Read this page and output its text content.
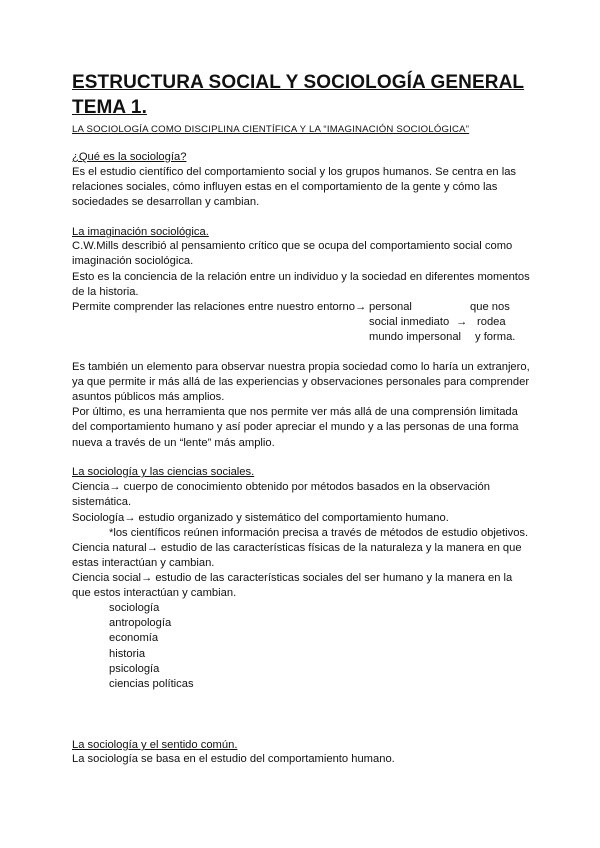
ESTRUCTURA SOCIAL Y SOCIOLOGÍA GENERAL
TEMA 1.
LA SOCIOLOGÍA COMO DISCIPLINA CIENTÍFICA Y LA “IMAGINACIÓN SOCIOLÓGICA”
¿Qué es la sociología?
Es el estudio científico del comportamiento social y los grupos humanos. Se centra en las
relaciones sociales, cómo influyen estas en el comportamiento de la gente y cómo las
sociedades se desarrollan y cambian.
La imaginación sociológica.
C.W.Mills describió al pensamiento crítico que se ocupa del comportamiento social como
imaginación sociológica.
Esto es la conciencia de la relación entre un individuo y la sociedad en diferentes momentos
de la historia.
Permite comprender las relaciones entre nuestro entorno→ personal	que nos
social inmediato → rodea
mundo impersonal y forma.
Es también un elemento para observar nuestra propia sociedad como lo haría un extranjero,
ya que permite ir más allá de las experiencias y observaciones personales para comprender
asuntos públicos más amplios.
Por último, es una herramienta que nos permite ver más allá de una comprensión limitada
del comportamiento humano y así poder apreciar el mundo y a las personas de una forma
nueva a través de un “lente” más amplio.
La sociología y las ciencias sociales.
Ciencia→ cuerpo de conocimiento obtenido por métodos basados en la observación
sistemática.
Sociología→ estudio organizado y sistemático del comportamiento humano.
*los científicos reúnen información precisa a través de métodos de estudio objetivos.
Ciencia natural→ estudio de las características físicas de la naturaleza y la manera en que
estas interactúan y cambian.
Ciencia social→ estudio de las características sociales del ser humano y la manera en la
que estos interactúan y cambian.
sociología
antropología
economía
historia
psicología
ciencias políticas
La sociología y el sentido común.
La sociología se basa en el estudio del comportamiento humano.
